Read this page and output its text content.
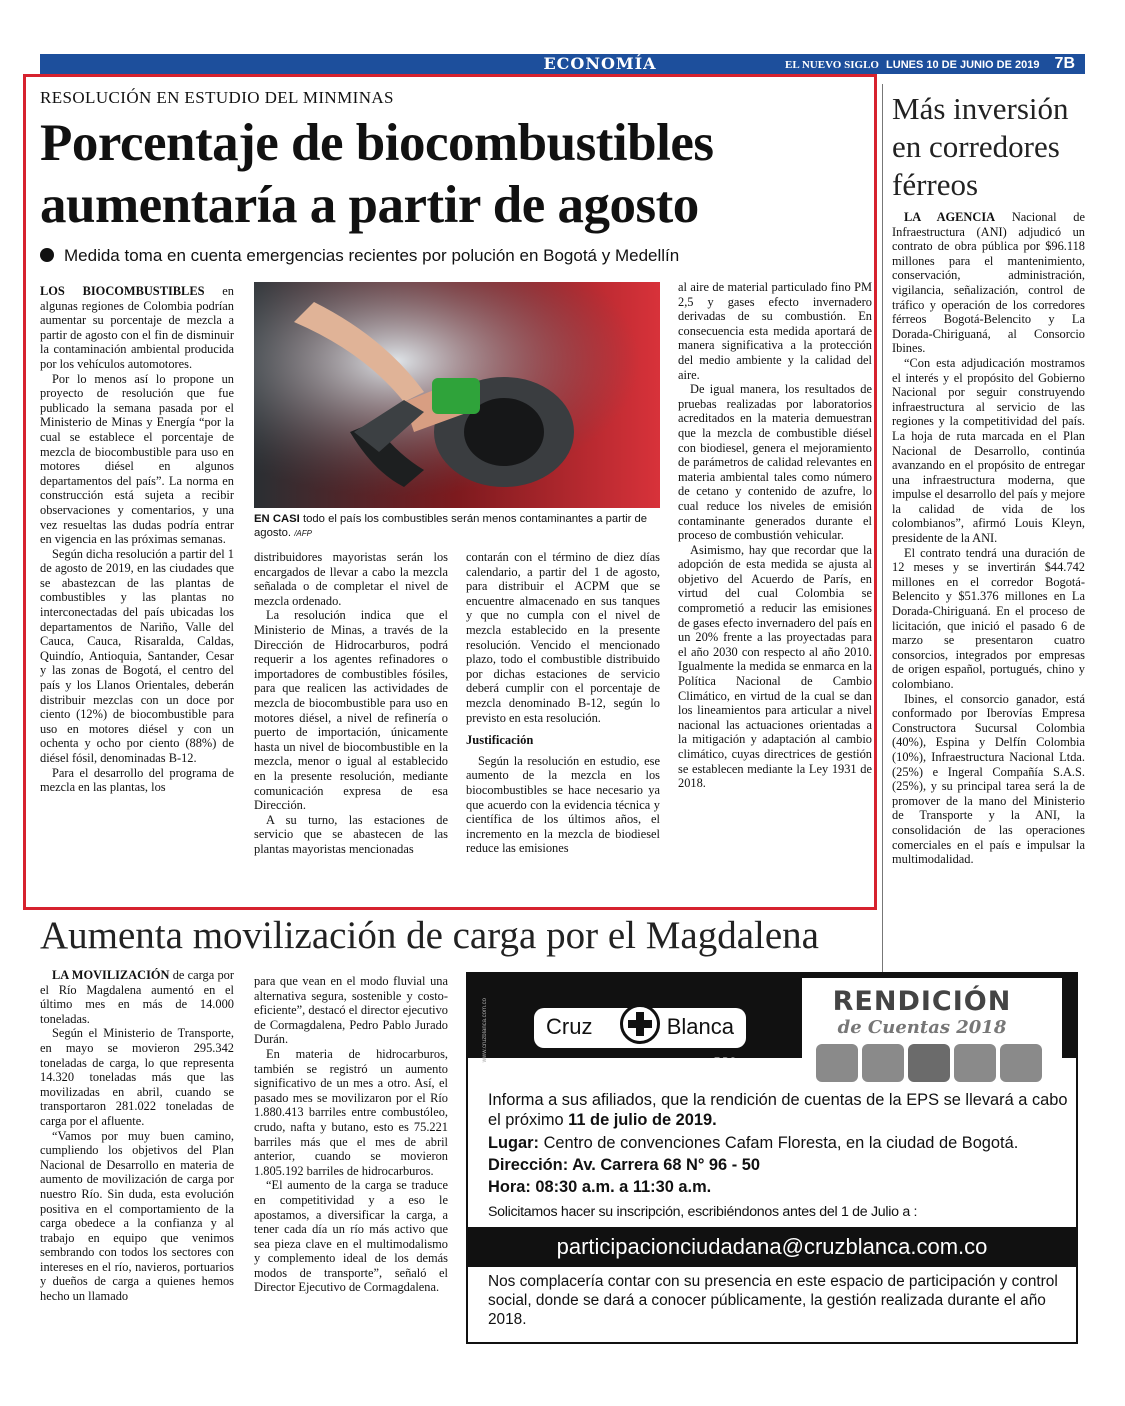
ECONOMÍA	EL NUEVO SIGLO LUNES 10 DE JUNIO DE 2019 7B
RESOLUCIÓN EN ESTUDIO DEL MINMINAS
Porcentaje de biocombustibles aumentaría a partir de agosto
Medida toma en cuenta emergencias recientes por polución en Bogotá y Medellín

LOS BIOCOMBUSTIBLES en algunas regiones de Colombia podrían aumentar su porcentaje de mezcla a partir de agosto con el fin de disminuir la contaminación ambiental producida por los vehículos automotores.

Por lo menos así lo propone un proyecto de resolución que fue publicado la semana pasada por el Ministerio de Minas y Energía “por la cual se establece el porcentaje de mezcla de biocombustible para uso en motores diésel en algunos departamentos del país”. La norma en construcción está sujeta a recibir observaciones y comentarios, y una vez resueltas las dudas podría entrar en vigencia en las próximas semanas.

Según dicha resolución a partir del 1 de agosto de 2019, en las ciudades que se abastezcan de las plantas de combustibles y las plantas no interconectadas del país ubicadas los departamentos de Nariño, Valle del Cauca, Cauca, Risaralda, Caldas, Quindío, Antioquia, Santander, Cesar y las zonas de Bogotá, el centro del país y los Llanos Orientales, deberán distribuir mezclas con un doce por ciento (12%) de biocombustible para uso en motores diésel y con un ochenta y ocho por ciento (88%) de diésel fósil, denominadas B-12.

Para el desarrollo del programa de mezcla en las plantas, los

EN CASI todo el país los combustibles serán menos contaminantes a partir de agosto. /AFP

distribuidores mayoristas serán los encargados de llevar a cabo la mezcla señalada o de completar el nivel de mezcla ordenado.

La resolución indica que el Ministerio de Minas, a través de la Dirección de Hidrocarburos, podrá requerir a los agentes refinadores o importadores de combustibles fósiles, para que realicen las actividades de mezcla de biocombustible para uso en motores diésel, a nivel de refinería o puerto de importación, únicamente hasta un nivel de biocombustible en la mezcla, menor o igual al establecido en la presente resolución, mediante comunicación expresa de esa Dirección.

A su turno, las estaciones de servicio que se abastecen de las plantas mayoristas mencionadas

contarán con el término de diez días calendario, a partir del 1 de agosto, para distribuir el ACPM que se encuentre almacenado en sus tanques y que no cumpla con el nivel de mezcla establecido en la presente resolución. Vencido el mencionado plazo, todo el combustible distribuido por dichas estaciones de servicio deberá cumplir con el porcentaje de mezcla denominado B-12, según lo previsto en esta resolución.

Justificación

Según la resolución en estudio, ese aumento de la mezcla en los biocombustibles se hace necesario ya que acuerdo con la evidencia técnica y científica de los últimos años, el incremento en la mezcla de biodiesel reduce las emisiones

al aire de material particulado fino PM 2,5 y gases efecto invernadero derivadas de su combustión. En consecuencia esta medida aportará de manera significativa a la protección del medio ambiente y la calidad del aire.

De igual manera, los resultados de pruebas realizadas por laboratorios acreditados en la materia demuestran que la mezcla de combustible diésel con biodiesel, genera el mejoramiento de parámetros de calidad relevantes en materia ambiental tales como número de cetano y contenido de azufre, lo cual reduce los niveles de emisión contaminante generados durante el proceso de combustión vehicular.

Asimismo, hay que recordar que la adopción de esta medida se ajusta al objetivo del Acuerdo de París, en virtud del cual Colombia se comprometió a reducir las emisiones de gases efecto invernadero del país en un 20% frente a las proyectadas para el año 2030 con respecto al año 2010. Igualmente la medida se enmarca en la Política Nacional de Cambio Climático, en virtud de la cual se dan los lineamientos para articular a nivel nacional las actuaciones orientadas a la mitigación y adaptación al cambio climático, cuyas directrices de gestión se establecen mediante la Ley 1931 de 2018.

Más inversión en corredores férreos

LA AGENCIA Nacional de Infraestructura (ANI) adjudicó un contrato de obra pública por $96.118 millones para el mantenimiento, conservación, administración, vigilancia, señalización, control de tráfico y operación de los corredores férreos Bogotá-Belencito y La Dorada-Chiriguaná, al Consorcio Ibines.

“Con esta adjudicación mostramos el interés y el propósito del Gobierno Nacional por seguir construyendo infraestructura al servicio de las regiones y la competitividad del país. La hoja de ruta marcada en el Plan Nacional de Desarrollo, continúa avanzando en el propósito de entregar una infraestructura moderna, que impulse el desarrollo del país y mejore la calidad de vida de los colombianos”, afirmó Louis Kleyn, presidente de la ANI.

El contrato tendrá una duración de 12 meses y se invertirán $44.742 millones en el corredor Bogotá-Belencito y $51.376 millones en La Dorada-Chiriguaná. En el proceso de licitación, que inició el pasado 6 de marzo se presentaron cuatro consorcios, integrados por empresas de origen español, portugués, chino y colombiano.

Ibines, el consorcio ganador, está conformado por Iberovías Empresa Constructora Sucursal Colombia (40%), Espina y Delfín Colombia (10%), Infraestructura Nacional Ltda. (25%) e Ingeral Compañía S.A.S. (25%), y su principal tarea será la de promover de la mano del Ministerio de Transporte y la ANI, la consolidación de las operaciones comerciales en el país e impulsar la multimodalidad.

Aumenta movilización de carga por el Magdalena

LA MOVILIZACIÓN de carga por el Río Magdalena aumentó en el último mes en más de 14.000 toneladas.

Según el Ministerio de Transporte, en mayo se movieron 295.342 toneladas de carga, lo que representa 14.320 toneladas más que las movilizadas en abril, cuando se transportaron 281.022 toneladas de carga por el afluente.

“Vamos por muy buen camino, cumpliendo los objetivos del Plan Nacional de Desarrollo en materia de aumento de movilización de carga por nuestro Río. Sin duda, esta evolución positiva en el comportamiento de la carga obedece a la confianza y al trabajo en equipo que venimos sembrando con todos los sectores con intereses en el río, navieros, portuarios y dueños de carga a quienes hemos hecho un llamado

para que vean en el modo fluvial una alternativa segura, sostenible y costo-eficiente”, destacó el director ejecutivo de Cormagdalena, Pedro Pablo Jurado Durán.

En materia de hidrocarburos, también se registró un aumento significativo de un mes a otro. Así, el pasado mes se movilizaron por el Río 1.880.413 barriles entre combustóleo, crudo, nafta y butano, esto es 75.221 barriles más que el mes de abril anterior, cuando se movieron 1.805.192 barriles de hidrocarburos.

“El aumento de la carga se traduce en competitividad y a eso le apostamos, a diversificar la carga, a tener cada día un río más activo que sea pieza clave en el multimodalismo y complemento ideal de los demás modos de transporte”, señaló el Director Ejecutivo de Cormagdalena.

www.cruzblanca.com.co	Cruz	Blanca
E.P.S.
RENDICIÓN
de Cuentas 2018
Informa a sus afiliados, que la rendición de cuentas de la EPS se llevará a cabo el próximo 11 de julio de 2019.
Lugar: Centro de convenciones Cafam Floresta, en la ciudad de Bogotá.
Dirección: Av. Carrera 68 N° 96 - 50
Hora: 08:30 a.m. a 11:30 a.m.
Solicitamos hacer su inscripción, escribiéndonos antes del 1 de Julio a :
participacionciudadana@cruzblanca.com.co
Nos complacería contar con su presencia en este espacio de participación y control social, donde se dará a conocer públicamente, la gestión realizada durante el año 2018.
